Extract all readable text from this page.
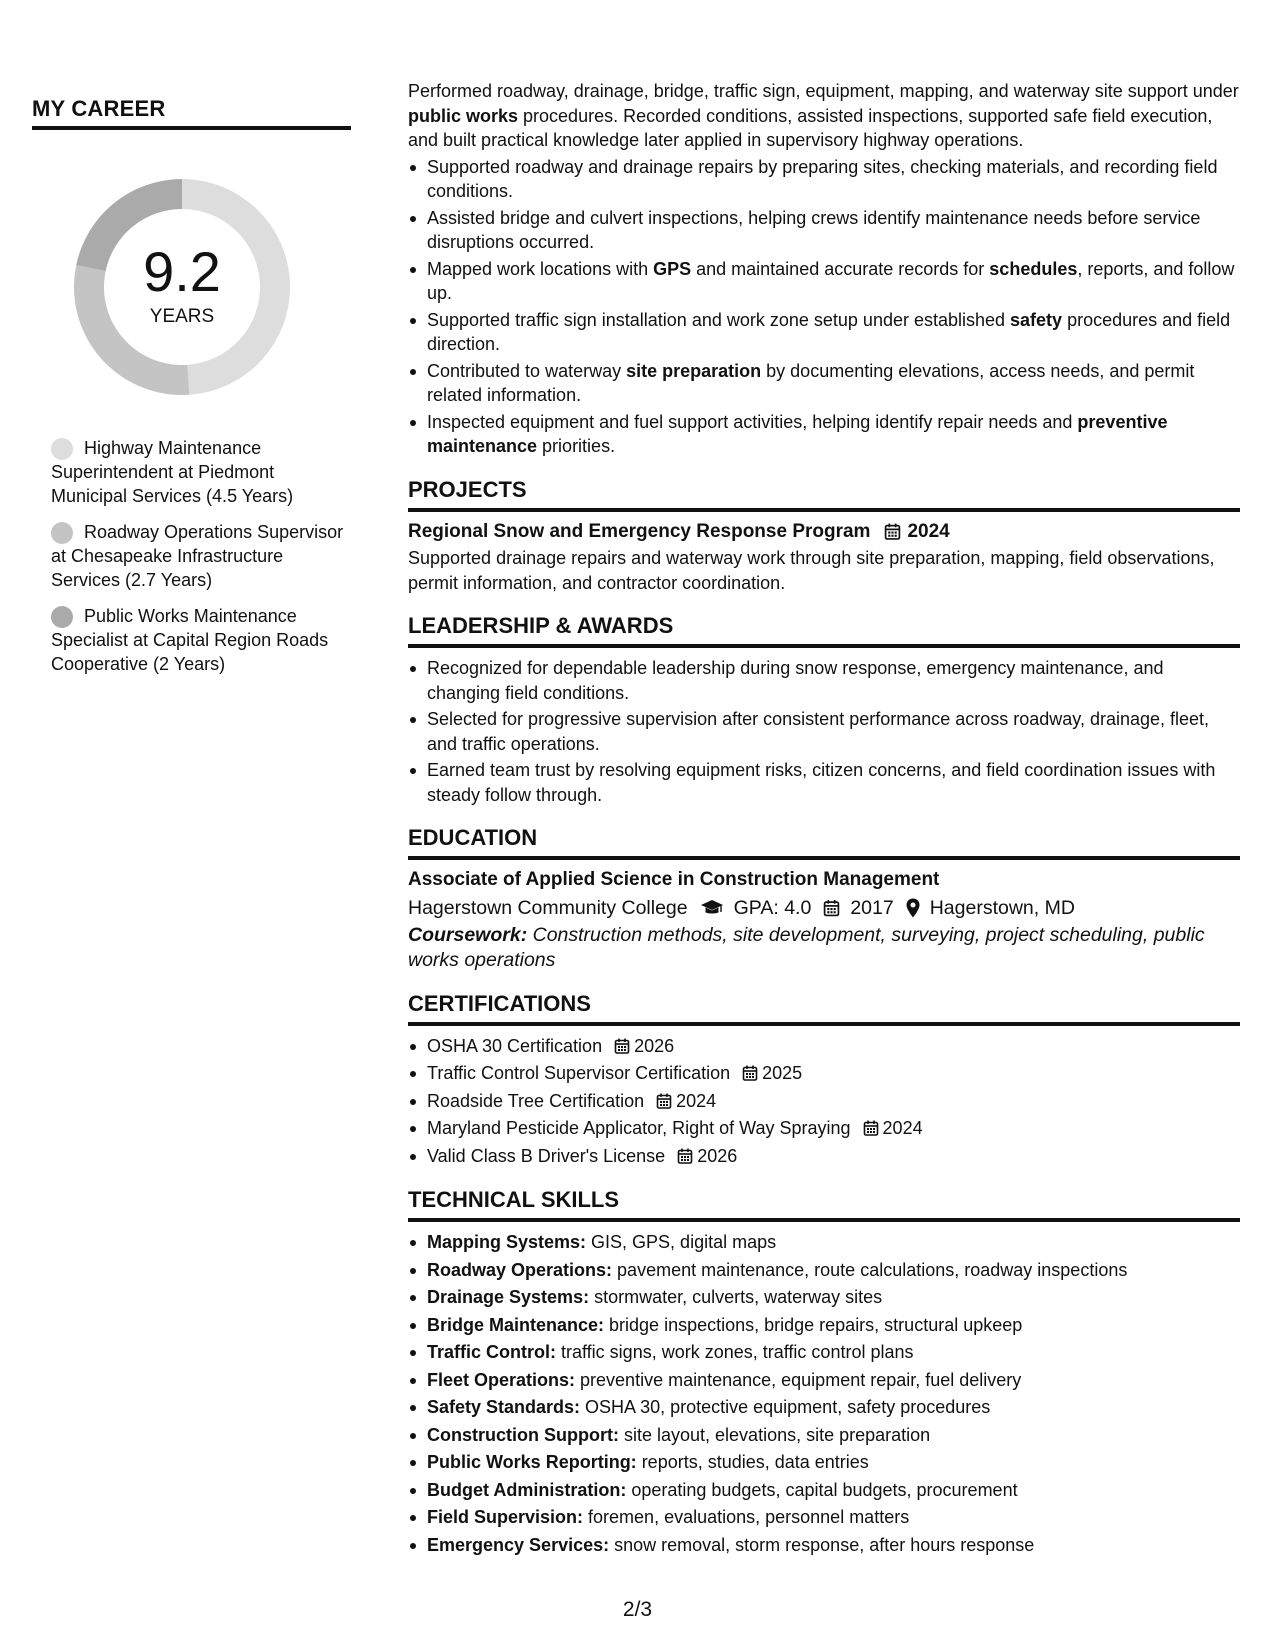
MY CAREER
9.2
YEARS
Highway Maintenance Superintendent at Piedmont Municipal Services (4.5 Years)
Roadway Operations Supervisor at Chesapeake Infrastructure Services (2.7 Years)
Public Works Maintenance Specialist at Capital Region Roads Cooperative (2 Years)

Performed roadway, drainage, bridge, traffic sign, equipment, mapping, and waterway site support under public works procedures. Recorded conditions, assisted inspections, supported safe field execution, and built practical knowledge later applied in supervisory highway operations.

Supported roadway and drainage repairs by preparing sites, checking materials, and recording field conditions.
Assisted bridge and culvert inspections, helping crews identify maintenance needs before service disruptions occurred.
Mapped work locations with GPS and maintained accurate records for schedules, reports, and follow up.
Supported traffic sign installation and work zone setup under established safety procedures and field direction.
Contributed to waterway site preparation by documenting elevations, access needs, and permit related information.
Inspected equipment and fuel support activities, helping identify repair needs and preventive maintenance priorities.
PROJECTS
Regional Snow and Emergency Response Program 2024

Supported drainage repairs and waterway work through site preparation, mapping, field observations, permit information, and contractor coordination.

LEADERSHIP & AWARDS
Recognized for dependable leadership during snow response, emergency maintenance, and changing field conditions.
Selected for progressive supervision after consistent performance across roadway, drainage, fleet, and traffic operations.
Earned team trust by resolving equipment risks, citizen concerns, and field coordination issues with steady follow through.
EDUCATION
Associate of Applied Science in Construction Management
Hagerstown Community College GPA: 4.0 2017 Hagerstown, MD

Coursework: Construction methods, site development, surveying, project scheduling, public works operations

CERTIFICATIONS
OSHA 30 Certification 2026
Traffic Control Supervisor Certification 2025
Roadside Tree Certification 2024
Maryland Pesticide Applicator, Right of Way Spraying 2024
Valid Class B Driver's License 2026
TECHNICAL SKILLS
Mapping Systems: GIS, GPS, digital maps
Roadway Operations: pavement maintenance, route calculations, roadway inspections
Drainage Systems: stormwater, culverts, waterway sites
Bridge Maintenance: bridge inspections, bridge repairs, structural upkeep
Traffic Control: traffic signs, work zones, traffic control plans
Fleet Operations: preventive maintenance, equipment repair, fuel delivery
Safety Standards: OSHA 30, protective equipment, safety procedures
Construction Support: site layout, elevations, site preparation
Public Works Reporting: reports, studies, data entries
Budget Administration: operating budgets, capital budgets, procurement
Field Supervision: foremen, evaluations, personnel matters
Emergency Services: snow removal, storm response, after hours response
2/3
